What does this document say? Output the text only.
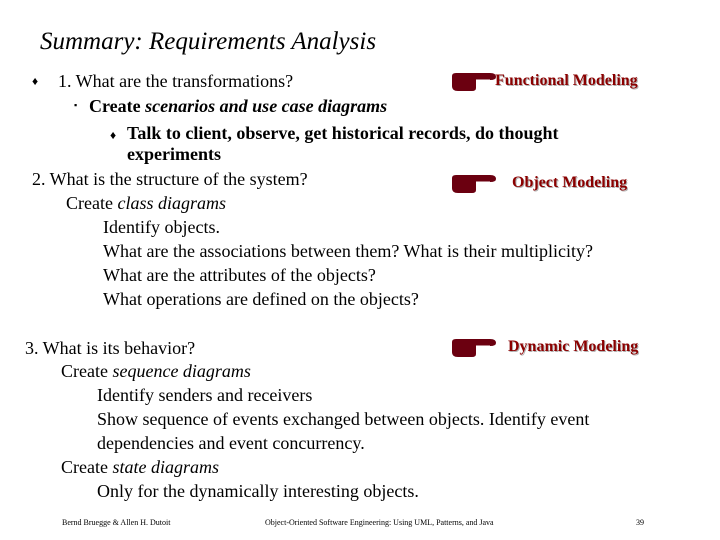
Summary: Requirements Analysis
♦ 1. What are the transformations?	Functional Modeling
▪ Create scenarios and use case diagrams
♦ Talk to client, observe, get historical records, do thought
experiments
2. What is the structure of the system?	Object Modeling
Create class diagrams
Identify objects.
What are the associations between them? What is their multiplicity?
What are the attributes of the objects?
What operations are defined on the objects?
3. What is its behavior?	Dynamic Modeling
Create sequence diagrams
Identify senders and receivers
Show sequence of events exchanged between objects. Identify event
dependencies and event concurrency.
Create state diagrams
Only for the dynamically interesting objects.
Bernd Bruegge & Allen H. Dutoit	Object-Oriented Software Engineering: Using UML, Patterns, and Java	39
